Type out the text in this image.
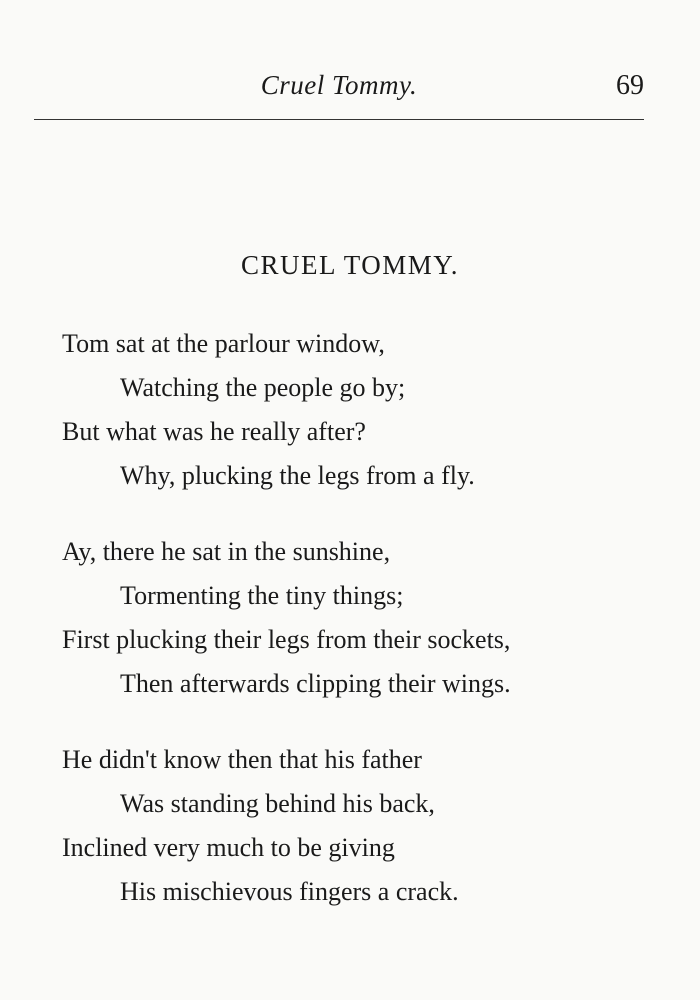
Cruel Tommy.	69
CRUEL TOMMY.
Tom sat at the parlour window,
Watching the people go by;
But what was he really after?
Why, plucking the legs from a fly.
Ay, there he sat in the sunshine,
Tormenting the tiny things;
First plucking their legs from their sockets,
Then afterwards clipping their wings.
He didn't know then that his father
Was standing behind his back,
Inclined very much to be giving
His mischievous fingers a crack.
